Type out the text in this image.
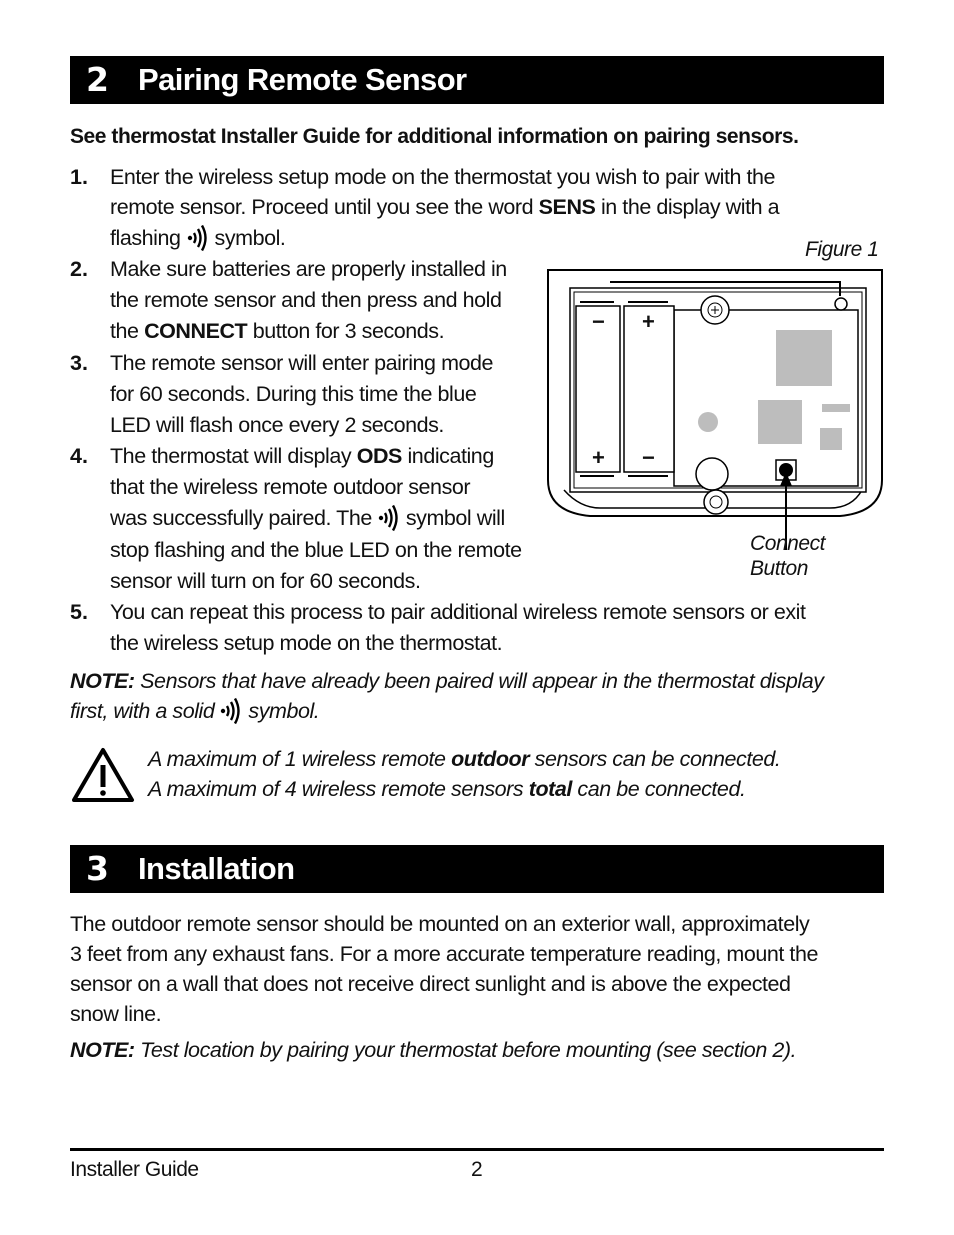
2 Pairing Remote Sensor
See thermostat Installer Guide for additional information on pairing sensors.
1. Enter the wireless setup mode on the thermostat you wish to pair with the
remote sensor. Proceed until you see the word SENS in the display with a
flashing symbol.
2. Make sure batteries are properly installed in
the remote sensor and then press and hold
the CONNECT button for 3 seconds.
3. The remote sensor will enter pairing mode
for 60 seconds. During this time the blue
LED will flash once every 2 seconds.
4. The thermostat will display ODS indicating
that the wireless remote outdoor sensor
was successfully paired. The symbol will
stop flashing and the blue LED on the remote
sensor will turn on for 60 seconds.
5. You can repeat this process to pair additional wireless remote sensors or exit
the wireless setup mode on the thermostat.
NOTE: Sensors that have already been paired will appear in the thermostat display
first, with a solid symbol.
A maximum of 1 wireless remote outdoor sensors can be connected.
A maximum of 4 wireless remote sensors total can be connected.
Figure 1
− +
+ −
Connect
Button
3 Installation
The outdoor remote sensor should be mounted on an exterior wall, approximately
3 feet from any exhaust fans. For a more accurate temperature reading, mount the
sensor on a wall that does not receive direct sunlight and is above the expected
snow line.
NOTE: Test location by pairing your thermostat before mounting (see section 2).
Installer Guide	2
